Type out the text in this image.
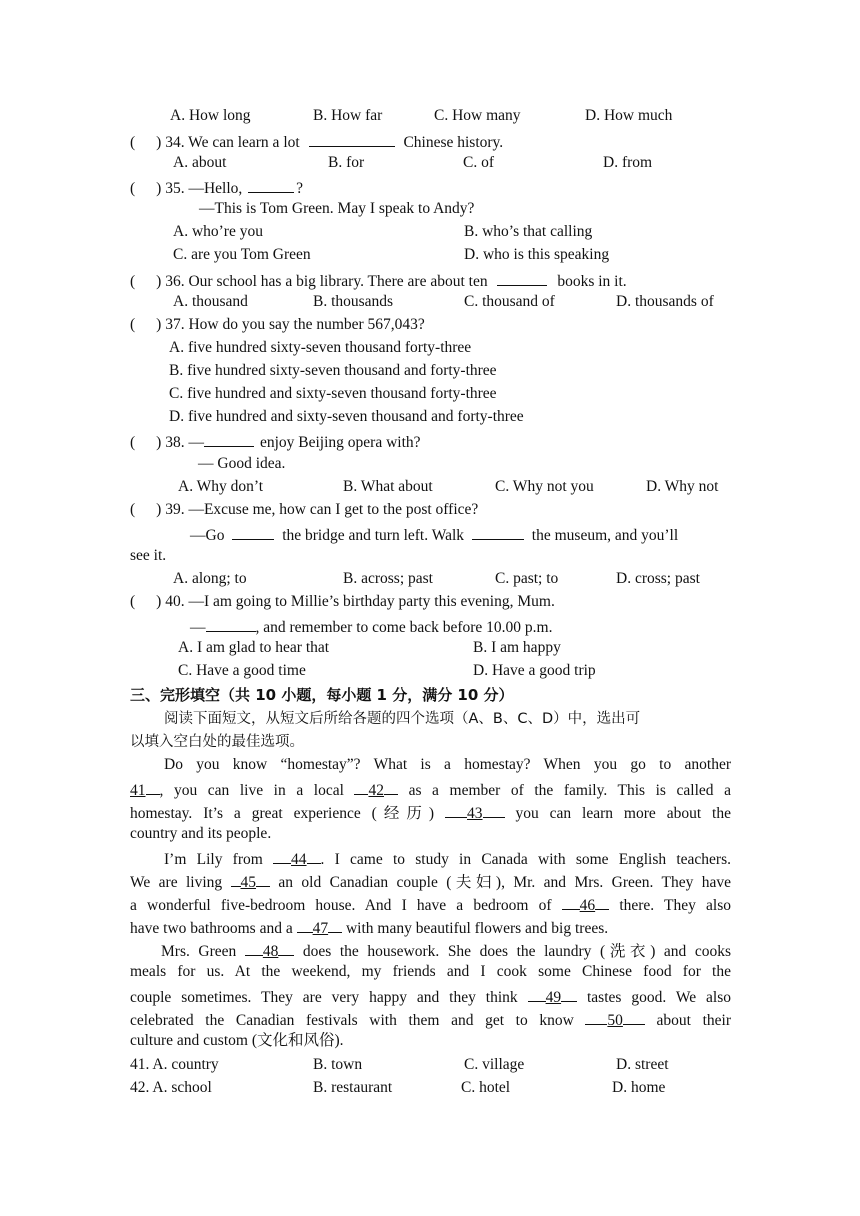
A. How long	B. How far	C. How many	D. How much
( ) 34. We can learn a lot	Chinese history.
A. about	B. for	C. of	D. from
( ) 35. —Hello,	?
—This is Tom Green. May I speak to Andy?
A. who’re you	B. who’s that calling
C. are you Tom Green	D. who is this speaking
( ) 36. Our school has a big library. There are about ten	books in it.
A. thousand	B. thousands	C. thousand of	D. thousands of
( ) 37. How do you say the number 567,043?
A. five hundred sixty-seven thousand forty-three
B. five hundred sixty-seven thousand and forty-three
C. five hundred and sixty-seven thousand forty-three
D. five hundred and sixty-seven thousand and forty-three
( ) 38. —	enjoy Beijing opera with?
— Good idea.
A. Why don’t	B. What about	C. Why not you	D. Why not
( ) 39. —Excuse me, how can I get to the post office?
—Go	the bridge and turn left. Walk	the museum, and you’ll
see it.
A. along; to	B. across; past	C. past; to	D. cross; past
( ) 40. —I am going to Millie’s birthday party this evening, Mum.
—	, and remember to come back before 10.00 p.m.
A. I am glad to hear that	B. I am happy
C. Have a good time	D. Have a good trip
三、完形填空（共 10 小题，每小题 1 分，满分 10 分）
阅读下面短文，从短文后所给各题的四个选项（A、B、C、D）中，选出可
以填入空白处的最佳选项。
Do you know “homestay”? What is a homestay? When you go to another
41 , you can live in a local 42 as a member of the family. This is called a
homestay. It’s a great experience (经历) 43 you can learn more about the
country and its people.
I’m Lily from 44 . I came to study in Canada with some English teachers.
We are living 45 an old Canadian couple (夫妇), Mr. and Mrs. Green. They have
a wonderful five-bedroom house. And I have a bedroom of 46 there. They also
have two bathrooms and a 47 with many beautiful flowers and big trees.
Mrs. Green 48 does the housework. She does the laundry (洗衣) and cooks
meals for us. At the weekend, my friends and I cook some Chinese food for the
couple sometimes. They are very happy and they think 49 tastes good. We also
celebrated the Canadian festivals with them and get to know 50 about their
culture and custom (文化和风俗).
41. A. country	B. town	C. village	D. street
42. A. school	B. restaurant	C. hotel	D. home
